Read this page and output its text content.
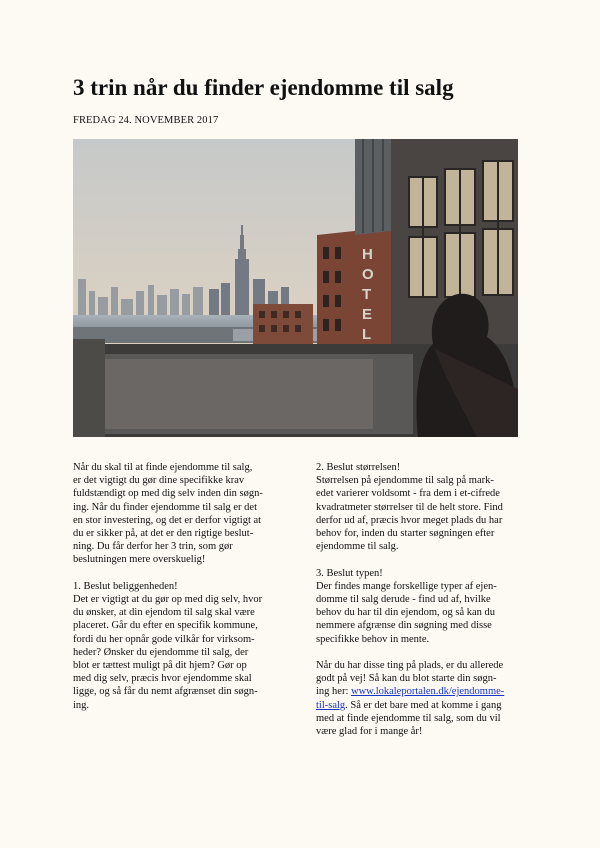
3 trin når du finder ejendomme til salg
FREDAG 24. NOVEMBER 2017
H
O
T
E
L
Når du skal til at finde ejendomme til salg,
er det vigtigt du gør dine specifikke krav
fuldstændigt op med dig selv inden din søgn-
ing. Når du finder ejendomme til salg er det
en stor investering, og det er derfor vigtigt at
du er sikker på, at det er den rigtige beslut-
ning. Du får derfor her 3 trin, som gør
beslutningen mere overskuelig!
1. Beslut beliggenheden!
Det er vigtigt at du gør op med dig selv, hvor
du ønsker, at din ejendom til salg skal være
placeret. Går du efter en specifik kommune,
fordi du her opnår gode vilkår for virksom-
heder? Ønsker du ejendomme til salg, der
blot er tættest muligt på dit hjem? Gør op
med dig selv, præcis hvor ejendomme skal
ligge, og så får du nemt afgrænset din søgn-
ing.
2. Beslut størrelsen!
Størrelsen på ejendomme til salg på mark-
edet varierer voldsomt - fra dem i et-cifrede
kvadratmeter størrelser til de helt store. Find
derfor ud af, præcis hvor meget plads du har
behov for, inden du starter søgningen efter
ejendomme til salg.
3. Beslut typen!
Der findes mange forskellige typer af ejen-
domme til salg derude - find ud af, hvilke
behov du har til din ejendom, og så kan du
nemmere afgrænse din søgning med disse
specifikke behov in mente.
Når du har disse ting på plads, er du allerede
godt på vej! Så kan du blot starte din søgn-
ing her: www.lokaleportalen.dk/ejendomme-
til-salg. Så er det bare med at komme i gang
med at finde ejendomme til salg, som du vil
være glad for i mange år!
